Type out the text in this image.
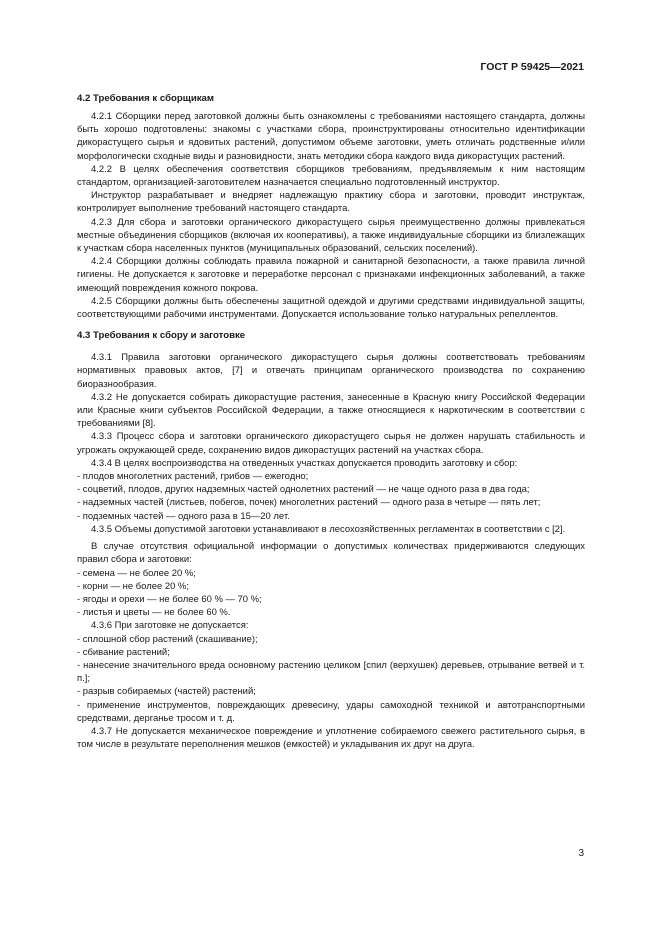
ГОСТ Р 59425—2021
4.2 Требования к сборщикам

4.2.1 Сборщики перед заготовкой должны быть ознакомлены с требованиями настоящего стандарта, должны быть хорошо подготовлены: знакомы с участками сбора, проинструктированы относительно идентификации дикорастущего сырья и ядовитых растений, допустимом объеме заготовки, уметь отличать родственные и/или морфологически сходные виды и разновидности, знать методики сбора каждого вида дикорастущих растений.

4.2.2 В целях обеспечения соответствия сборщиков требованиям, предъявляемым к ним настоящим стандартом, организацией-заготовителем назначается специально подготовленный инструктор.

Инструктор разрабатывает и внедряет надлежащую практику сбора и заготовки, проводит инструктаж, контролирует выполнение требований настоящего стандарта.

4.2.3 Для сбора и заготовки органического дикорастущего сырья преимущественно должны привлекаться местные объединения сборщиков (включая их кооперативы), а также индивидуальные сборщики из близлежащих к участкам сбора населенных пунктов (муниципальных образований, сельских поселений).

4.2.4 Сборщики должны соблюдать правила пожарной и санитарной безопасности, а также правила личной гигиены. Не допускается к заготовке и переработке персонал с признаками инфекционных заболеваний, а также имеющий повреждения кожного покрова.

4.2.5 Сборщики должны быть обеспечены защитной одеждой и другими средствами индивидуальной защиты, соответствующими рабочими инструментами. Допускается использование только натуральных репеллентов.

4.3 Требования к сбору и заготовке

4.3.1 Правила заготовки органического дикорастущего сырья должны соответствовать требованиям нормативных правовых актов, [7] и отвечать принципам органического производства по сохранению биоразнообразия.

4.3.2 Не допускается собирать дикорастущие растения, занесенные в Красную книгу Российской Федерации или Красные книги субъектов Российской Федерации, а также относящиеся к наркотическим в соответствии с требованиями [8].

4.3.3 Процесс сбора и заготовки органического дикорастущего сырья не должен нарушать стабильность и угрожать окружающей среде, сохранению видов дикорастущих растений на участках сбора.

4.3.4 В целях воспроизводства на отведенных участках допускается проводить заготовку и сбор:

- плодов многолетних растений, грибов — ежегодно;

- соцветий, плодов, других надземных частей однолетних растений — не чаще одного раза в два года;

- надземных частей (листьев, побегов, почек) многолетних растений — одного раза в четыре — пять лет;

- подземных частей — одного раза в 15—20 лет.

4.3.5 Объемы допустимой заготовки устанавливают в лесохозяйственных регламентах в соответствии с [2].

В случае отсутствия официальной информации о допустимых количествах придерживаются следующих правил сбора и заготовки:

- семена — не более 20 %;

- корни — не более 20 %;

- ягоды и орехи — не более 60 % — 70 %;

- листья и цветы — не более 60 %.

4.3.6 При заготовке не допускается:

- сплошной сбор растений (скашивание);

- сбивание растений;

- нанесение значительного вреда основному растению целиком [спил (верхушек) деревьев, отрывание ветвей и т. п.];

- разрыв собираемых (частей) растений;

- применение инструментов, повреждающих древесину, удары самоходной техникой и автотранспортными средствами, дерганье тросом и т. д.

4.3.7 Не допускается механическое повреждение и уплотнение собираемого свежего растительного сырья, в том числе в результате переполнения мешков (емкостей) и укладывания их друг на друга.

3
